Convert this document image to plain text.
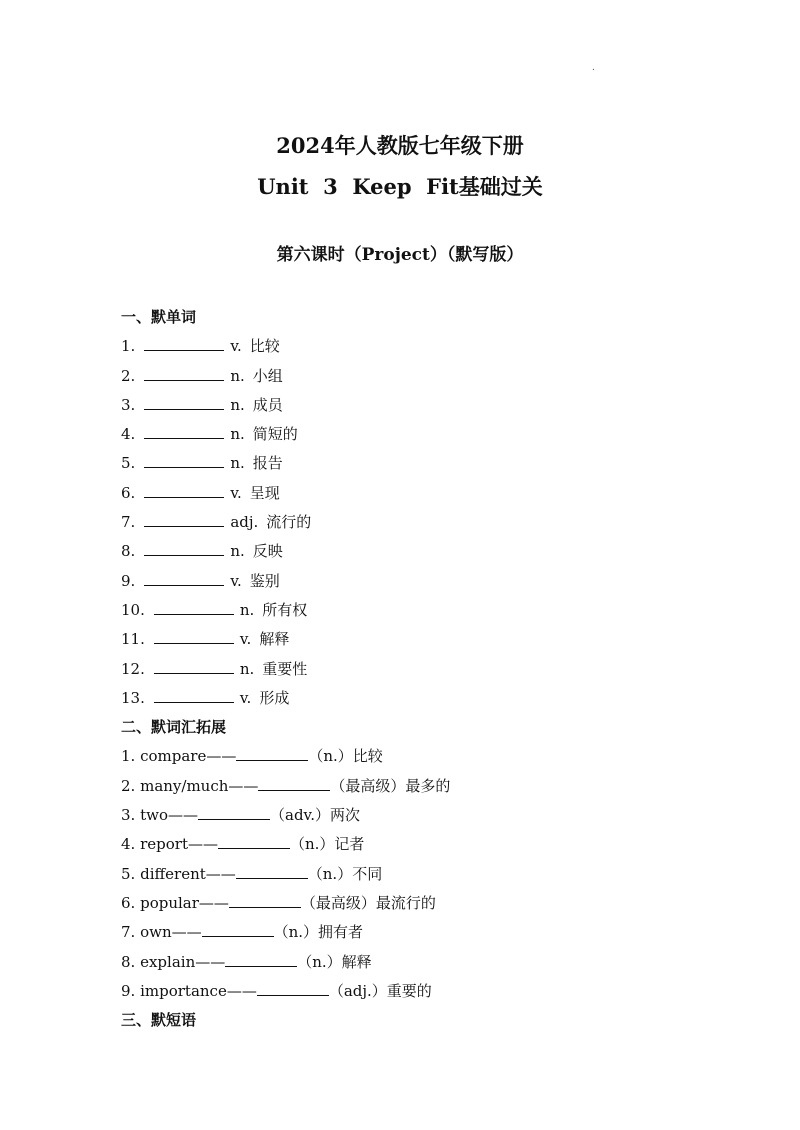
.
2024年人教版七年级下册
Unit  3  Keep  Fit基础过关
第六课时（Project）（默写版）
一、默单词
1.	v. 比较
2.	n. 小组
3.	n. 成员
4.	n. 简短的
5.	n. 报告
6.	v. 呈现
7.	adj. 流行的
8.	n. 反映
9.	v. 鉴别
10.	n. 所有权
11.	v. 解释
12.	n. 重要性
13.	v. 形成
二、默词汇拓展
1. compare——	（n.）比较
2. many/much——	（最高级）最多的
3. two——	（adv.）两次
4. report——	（n.）记者
5. different——	（n.）不同
6. popular——	（最高级）最流行的
7. own——	（n.）拥有者
8. explain——	（n.）解释
9. importance——	（adj.）重要的
三、默短语
